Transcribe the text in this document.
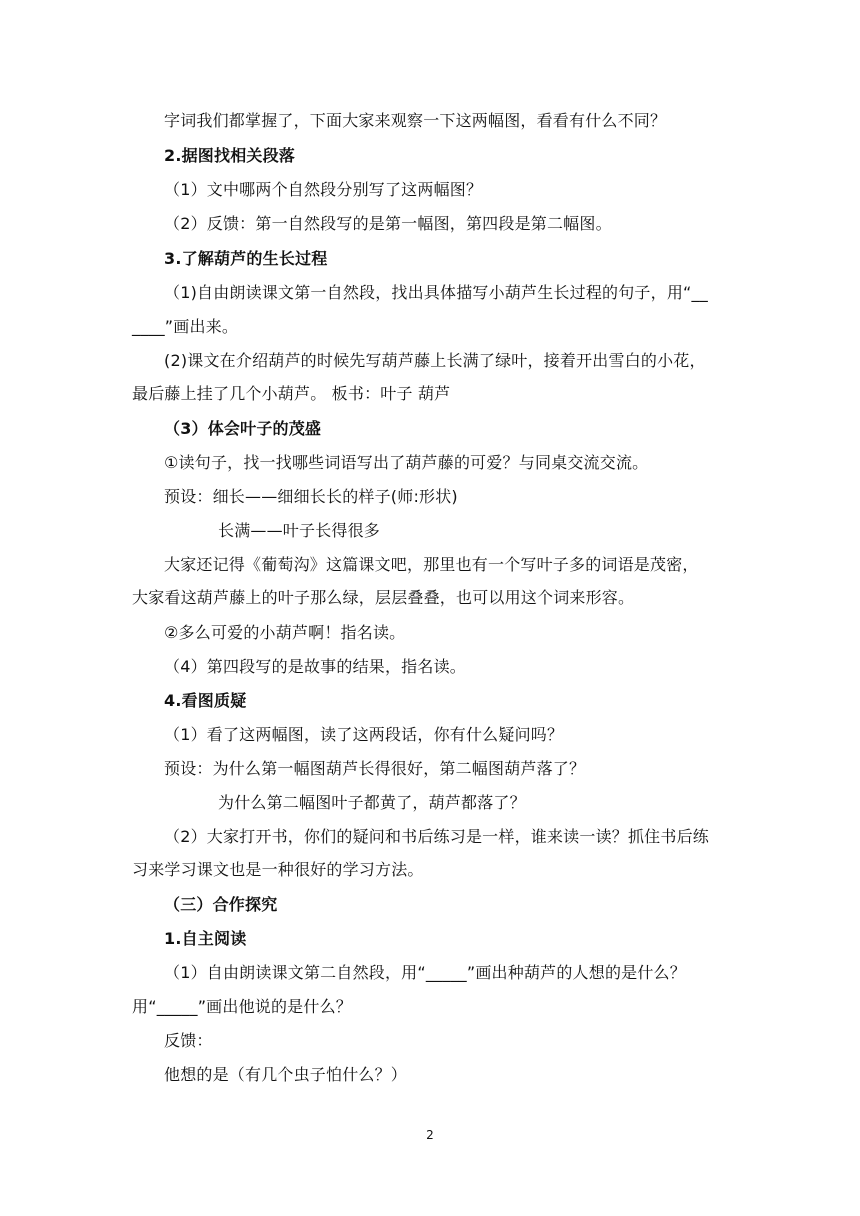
字词我们都掌握了，下面大家来观察一下这两幅图，看看有什么不同？
2.据图找相关段落
（1）文中哪两个自然段分别写了这两幅图？
（2）反馈：第一自然段写的是第一幅图，第四段是第二幅图。
3.了解葫芦的生长过程
（1)自由朗读课文第一自然段，找出具体描写小葫芦生长过程的句子，用“__
____”画出来。
(2)课文在介绍葫芦的时候先写葫芦藤上长满了绿叶，接着开出雪白的小花，
最后藤上挂了几个小葫芦。 板书：叶子 葫芦
（3）体会叶子的茂盛
①读句子，找一找哪些词语写出了葫芦藤的可爱？与同桌交流交流。
预设：细长——细细长长的样子(师:形状)
长满——叶子长得很多
大家还记得《葡萄沟》这篇课文吧，那里也有一个写叶子多的词语是茂密，
大家看这葫芦藤上的叶子那么绿，层层叠叠，也可以用这个词来形容。
②多么可爱的小葫芦啊！指名读。
（4）第四段写的是故事的结果，指名读。
4.看图质疑
（1）看了这两幅图，读了这两段话，你有什么疑问吗？
预设：为什么第一幅图葫芦长得很好，第二幅图葫芦落了？
为什么第二幅图叶子都黄了，葫芦都落了？
（2）大家打开书，你们的疑问和书后练习是一样，谁来读一读？抓住书后练
习来学习课文也是一种很好的学习方法。
（三）合作探究
1.自主阅读
（1）自由朗读课文第二自然段，用“_____”画出种葫芦的人想的是什么？
用“_____”画出他说的是什么？
反馈：
他想的是（有几个虫子怕什么？）
2
